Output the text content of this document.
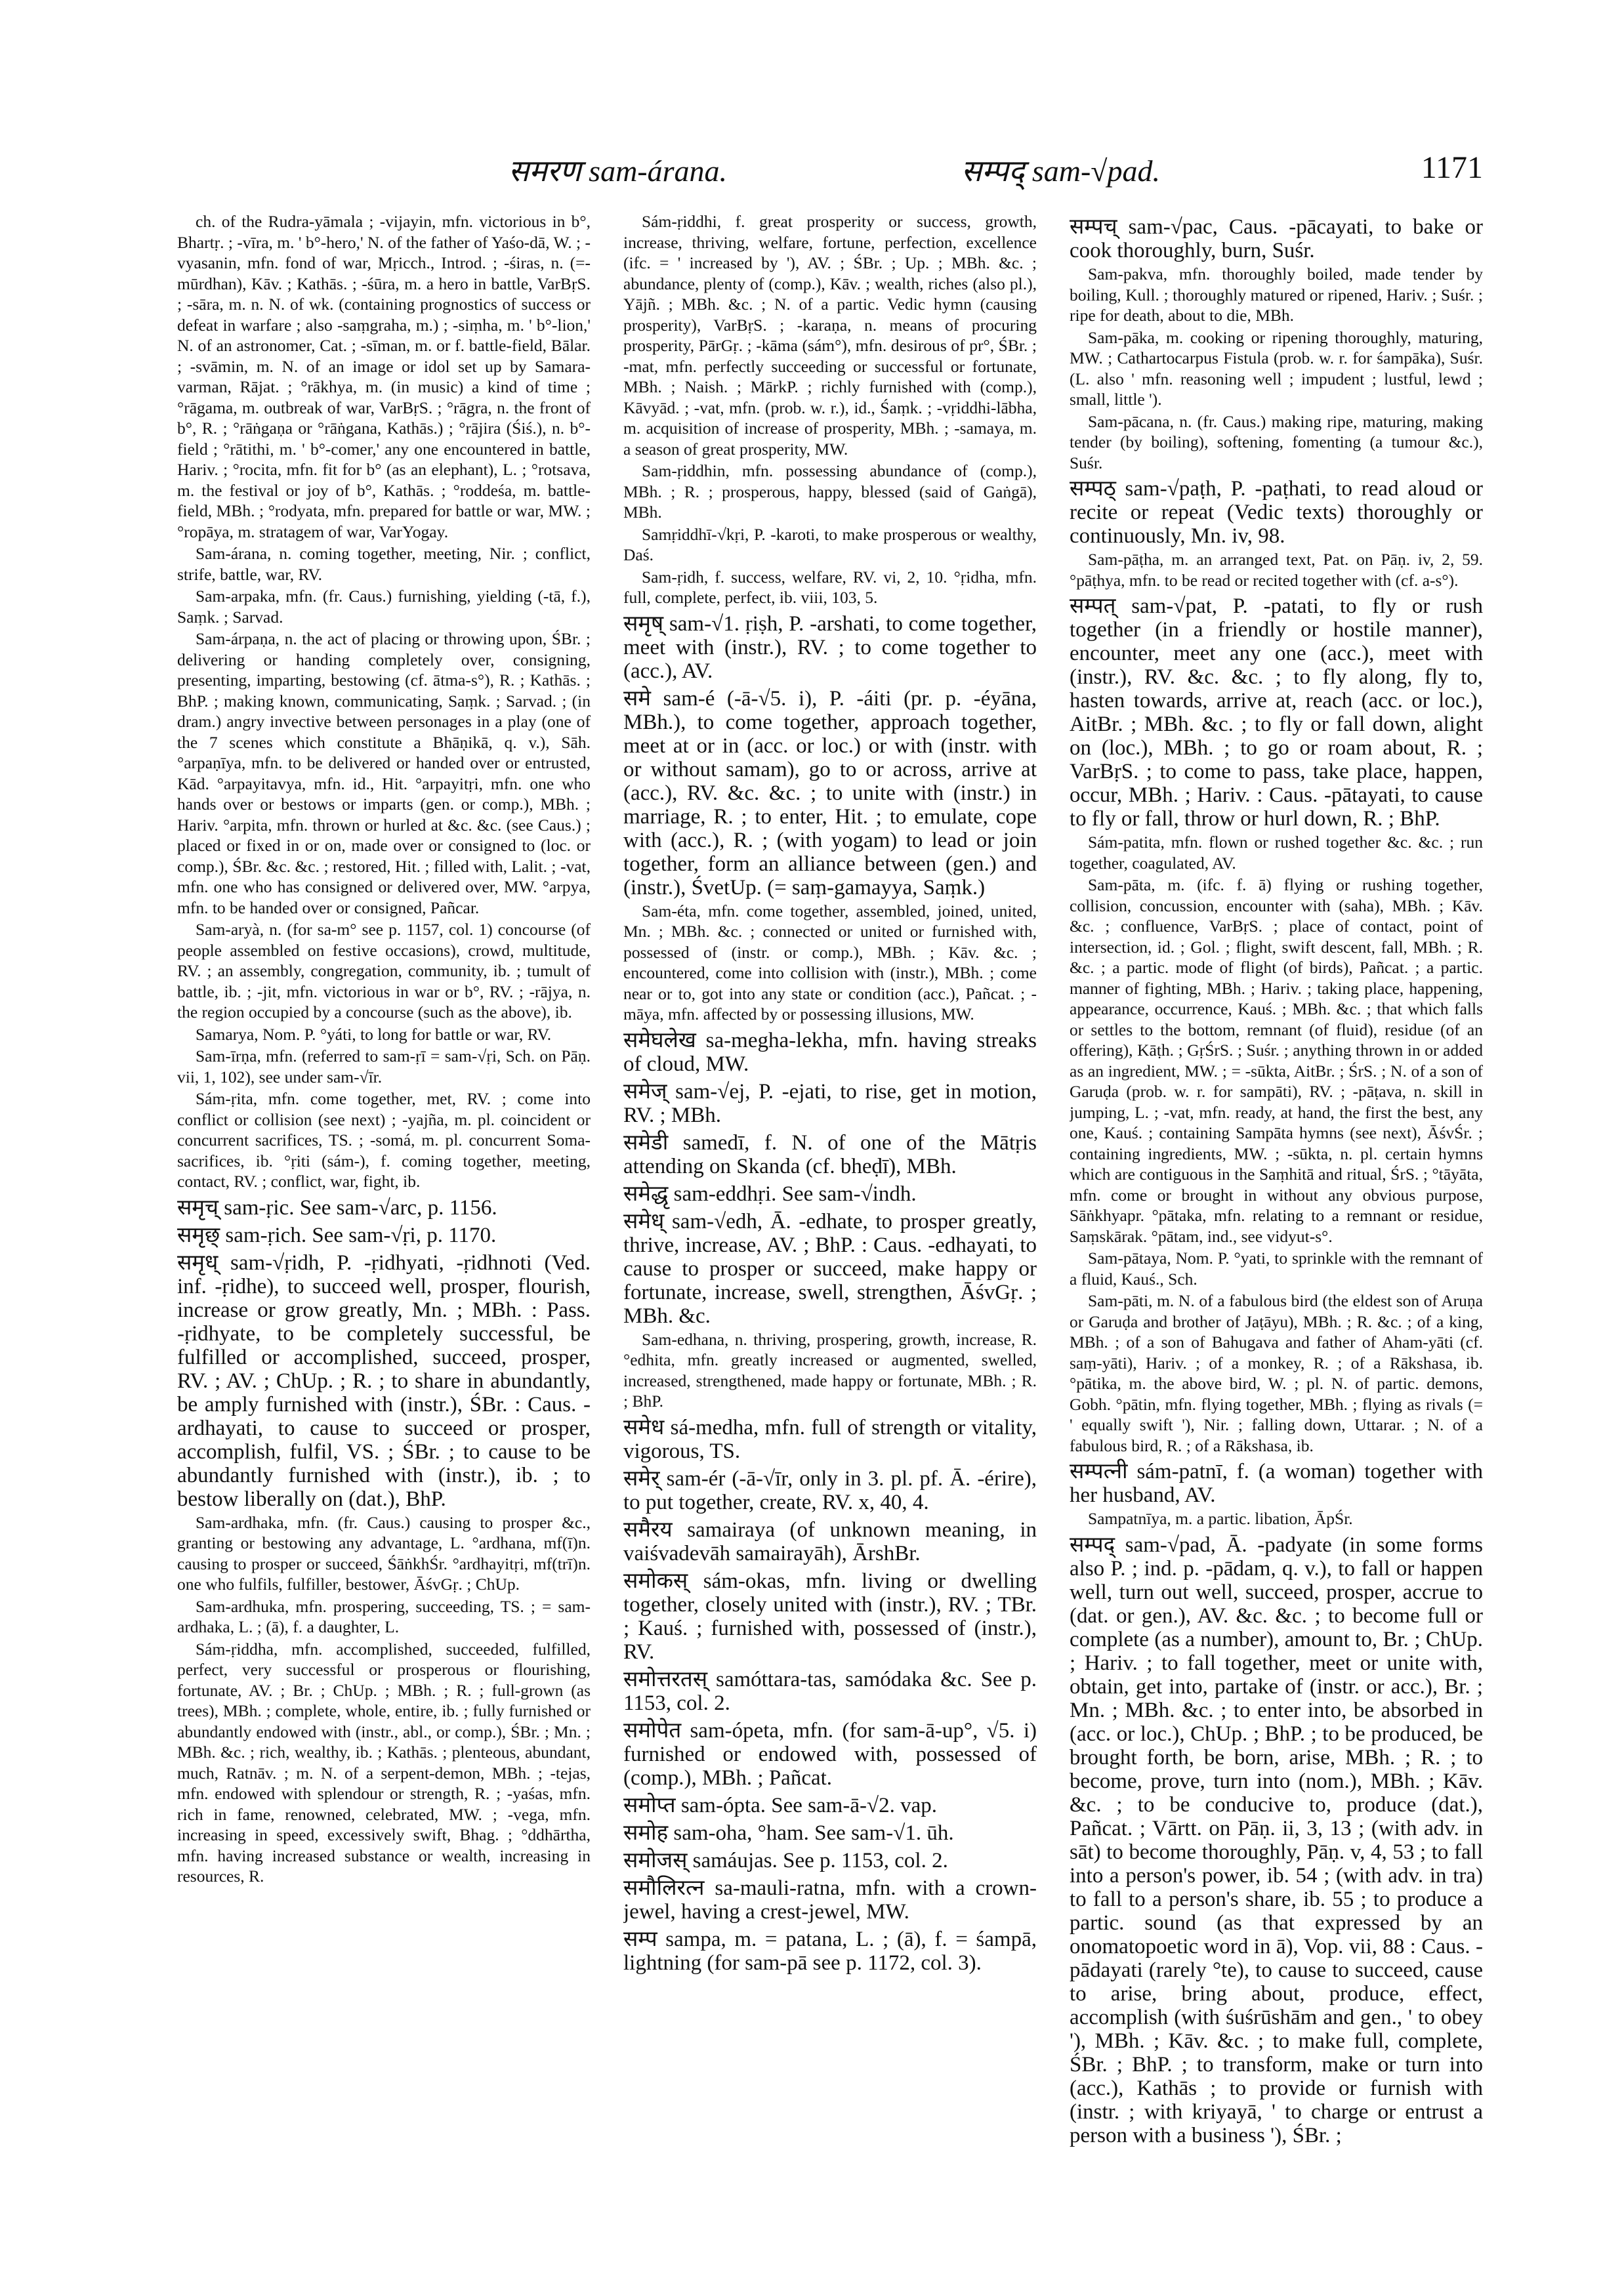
समरण sam-árana.	सम्पद् sam-√pad.	1171

ch. of the Rudra-yāmala ; -vijayin, mfn. victorious in b°, Bhartṛ. ; -vīra, m. ' b°-hero,' N. of the father of Yaśo-dā, W. ; -vyasanin, mfn. fond of war, Mṛicch., Introd. ; -śiras, n. (=-mūrdhan), Kāv. ; Kathās. ; -śūra, m. a hero in battle, VarBṛS. ; -sāra, m. n. N. of wk. (containing prognostics of success or defeat in warfare ; also -saṃgraha, m.) ; -siṃha, m. ' b°-lion,' N. of an astronomer, Cat. ; -sīman, m. or f. battle-field, Bālar. ; -svāmin, m. N. of an image or idol set up by Samara-varman, Rājat. ; °rākhya, m. (in music) a kind of time ; °rāgama, m. outbreak of war, VarBṛS. ; °rāgra, n. the front of b°, R. ; °rāṅgaṇa or °rāṅgana, Kathās.) ; °rājira (Śiś.), n. b°-field ; °rātithi, m. ' b°-comer,' any one encountered in battle, Hariv. ; °rocita, mfn. fit for b° (as an elephant), L. ; °rotsava, m. the festival or joy of b°, Kathās. ; °roddeśa, m. battle-field, MBh. ; °rodyata, mfn. prepared for battle or war, MW. ; °ropāya, m. stratagem of war, VarYogay.

Sam-árana, n. coming together, meeting, Nir. ; conflict, strife, battle, war, RV.

Sam-arpaka, mfn. (fr. Caus.) furnishing, yielding (-tā, f.), Saṃk. ; Sarvad.

Sam-árpaṇa, n. the act of placing or throwing upon, ŚBr. ; delivering or handing completely over, consigning, presenting, imparting, bestowing (cf. ātma-s°), R. ; Kathās. ; BhP. ; making known, communicating, Saṃk. ; Sarvad. ; (in dram.) angry invective between personages in a play (one of the 7 scenes which constitute a Bhāṇikā, q. v.), Sāh. °arpaṇīya, mfn. to be delivered or handed over or entrusted, Kād. °arpayitavya, mfn. id., Hit. °arpayitṛi, mfn. one who hands over or bestows or imparts (gen. or comp.), MBh. ; Hariv. °arpita, mfn. thrown or hurled at &c. &c. (see Caus.) ; placed or fixed in or on, made over or consigned to (loc. or comp.), ŚBr. &c. &c. ; restored, Hit. ; filled with, Lalit. ; -vat, mfn. one who has consigned or delivered over, MW. °arpya, mfn. to be handed over or consigned, Pañcar.

Sam-aryà, n. (for sa-m° see p. 1157, col. 1) concourse (of people assembled on festive occasions), crowd, multitude, RV. ; an assembly, congregation, community, ib. ; tumult of battle, ib. ; -jit, mfn. victorious in war or b°, RV. ; -rājya, n. the region occupied by a concourse (such as the above), ib.

Samarya, Nom. P. °yáti, to long for battle or war, RV.

Sam-īrṇa, mfn. (referred to sam-ṛī = sam-√ṛi, Sch. on Pāṇ. vii, 1, 102), see under sam-√īr.

Sám-ṛita, mfn. come together, met, RV. ; come into conflict or collision (see next) ; -yajña, m. pl. coincident or concurrent sacrifices, TS. ; -somá, m. pl. concurrent Soma-sacrifices, ib. °ṛiti (sám-), f. coming together, meeting, contact, RV. ; conflict, war, fight, ib.

समृच् sam-ṛic. See sam-√arc, p. 1156.

समृछ् sam-ṛich. See sam-√ṛi, p. 1170.

समृध् sam-√ṛidh, P. -ṛidhyati, -ṛidhnoti (Ved. inf. -ṛidhe), to succeed well, prosper, flourish, increase or grow greatly, Mn. ; MBh. : Pass. -ṛidhyate, to be completely successful, be fulfilled or accomplished, succeed, prosper, RV. ; AV. ; ChUp. ; R. ; to share in abundantly, be amply furnished with (instr.), ŚBr. : Caus. -ardhayati, to cause to succeed or prosper, accomplish, fulfil, VS. ; ŚBr. ; to cause to be abundantly furnished with (instr.), ib. ; to bestow liberally on (dat.), BhP.

Sam-ardhaka, mfn. (fr. Caus.) causing to prosper &c., granting or bestowing any advantage, L. °ardhana, mf(ī)n. causing to prosper or succeed, ŚāṅkhŚr. °ardhayitṛi, mf(trī)n. one who fulfils, fulfiller, bestower, ĀśvGṛ. ; ChUp.

Sam-ardhuka, mfn. prospering, succeeding, TS. ; = sam-ardhaka, L. ; (ā), f. a daughter, L.

Sám-ṛiddha, mfn. accomplished, succeeded, fulfilled, perfect, very successful or prosperous or flourishing, fortunate, AV. ; Br. ; ChUp. ; MBh. ; R. ; full-grown (as trees), MBh. ; complete, whole, entire, ib. ; fully furnished or abundantly endowed with (instr., abl., or comp.), ŚBr. ; Mn. ; MBh. &c. ; rich, wealthy, ib. ; Kathās. ; plenteous, abundant, much, Ratnāv. ; m. N. of a serpent-demon, MBh. ; -tejas, mfn. endowed with splendour or strength, R. ; -yaśas, mfn. rich in fame, renowned, celebrated, MW. ; -vega, mfn. increasing in speed, excessively swift, Bhag. ; °ddhārtha, mfn. having increased substance or wealth, increasing in resources, R.

Sám-ṛiddhi, f. great prosperity or success, growth, increase, thriving, welfare, fortune, perfection, excellence (ifc. = ' increased by '), AV. ; ŚBr. ; Up. ; MBh. &c. ; abundance, plenty of (comp.), Kāv. ; wealth, riches (also pl.), Yājñ. ; MBh. &c. ; N. of a partic. Vedic hymn (causing prosperity), VarBṛS. ; -karaṇa, n. means of procuring prosperity, PārGṛ. ; -kāma (sám°), mfn. desirous of pr°, ŚBr. ; -mat, mfn. perfectly succeeding or successful or fortunate, MBh. ; Naish. ; MārkP. ; richly furnished with (comp.), Kāvyād. ; -vat, mfn. (prob. w. r.), id., Śaṃk. ; -vṛiddhi-lābha, m. acquisition of increase of prosperity, MBh. ; -samaya, m. a season of great prosperity, MW.

Sam-ṛiddhin, mfn. possessing abundance of (comp.), MBh. ; R. ; prosperous, happy, blessed (said of Gaṅgā), MBh.

Samṛiddhī-√kṛi, P. -karoti, to make prosperous or wealthy, Daś.

Sam-ṛidh, f. success, welfare, RV. vi, 2, 10. °ṛidha, mfn. full, complete, perfect, ib. viii, 103, 5.

समृष् sam-√1. ṛiṣh, P. -arshati, to come together, meet with (instr.), RV. ; to come together to (acc.), AV.

समे sam-é (-ā-√5. i), P. -áiti (pr. p. -éyāna, MBh.), to come together, approach together, meet at or in (acc. or loc.) or with (instr. with or without samam), go to or across, arrive at (acc.), RV. &c. &c. ; to unite with (instr.) in marriage, R. ; to enter, Hit. ; to emulate, cope with (acc.), R. ; (with yogam) to lead or join together, form an alliance between (gen.) and (instr.), ŚvetUp. (= saṃ-gamayya, Saṃk.)

Sam-éta, mfn. come together, assembled, joined, united, Mn. ; MBh. &c. ; connected or united or furnished with, possessed of (instr. or comp.), MBh. ; Kāv. &c. ; encountered, come into collision with (instr.), MBh. ; come near or to, got into any state or condition (acc.), Pañcat. ; -māya, mfn. affected by or possessing illusions, MW.

समेघलेख sa-megha-lekha, mfn. having streaks of cloud, MW.

समेज् sam-√ej, P. -ejati, to rise, get in motion, RV. ; MBh.

समेडी samedī, f. N. of one of the Mātṛis attending on Skanda (cf. bheḍī), MBh.

समेद्धृ sam-eddhṛi. See sam-√indh.

समेध् sam-√edh, Ā. -edhate, to prosper greatly, thrive, increase, AV. ; BhP. : Caus. -edhayati, to cause to prosper or succeed, make happy or fortunate, increase, swell, strengthen, ĀśvGṛ. ; MBh. &c.

Sam-edhana, n. thriving, prospering, growth, increase, R. °edhita, mfn. greatly increased or augmented, swelled, increased, strengthened, made happy or fortunate, MBh. ; R. ; BhP.

समेध sá-medha, mfn. full of strength or vitality, vigorous, TS.

समेर् sam-ér (-ā-√īr, only in 3. pl. pf. Ā. -érire), to put together, create, RV. x, 40, 4.

समैरय samairaya (of unknown meaning, in vaiśvadevāh samairayāh), ĀrshBr.

समोकस् sám-okas, mfn. living or dwelling together, closely united with (instr.), RV. ; TBr. ; Kauś. ; furnished with, possessed of (instr.), RV.

समोत्तरतस् samóttara-tas, samódaka &c. See p. 1153, col. 2.

समोपेत sam-ópeta, mfn. (for sam-ā-up°, √5. i) furnished or endowed with, possessed of (comp.), MBh. ; Pañcat.

समोप्त sam-ópta. See sam-ā-√2. vap.

समोह sam-oha, °ham. See sam-√1. ūh.

समोजस् samáujas. See p. 1153, col. 2.

समौलिरत्न sa-mauli-ratna, mfn. with a crown-jewel, having a crest-jewel, MW.

सम्प sampa, m. = patana, L. ; (ā), f. = śampā, lightning (for sam-pā see p. 1172, col. 3).

सम्पच् sam-√pac, Caus. -pācayati, to bake or cook thoroughly, burn, Suśr.

Sam-pakva, mfn. thoroughly boiled, made tender by boiling, Kull. ; thoroughly matured or ripened, Hariv. ; Suśr. ; ripe for death, about to die, MBh.

Sam-pāka, m. cooking or ripening thoroughly, maturing, MW. ; Cathartocarpus Fistula (prob. w. r. for śampāka), Suśr. (L. also ' mfn. reasoning well ; impudent ; lustful, lewd ; small, little ').

Sam-pācana, n. (fr. Caus.) making ripe, maturing, making tender (by boiling), softening, fomenting (a tumour &c.), Suśr.

सम्पठ् sam-√paṭh, P. -paṭhati, to read aloud or recite or repeat (Vedic texts) thoroughly or continuously, Mn. iv, 98.

Sam-pāṭha, m. an arranged text, Pat. on Pāṇ. iv, 2, 59. °pāṭhya, mfn. to be read or recited together with (cf. a-s°).

सम्पत् sam-√pat, P. -patati, to fly or rush together (in a friendly or hostile manner), encounter, meet any one (acc.), meet with (instr.), RV. &c. &c. ; to fly along, fly to, hasten towards, arrive at, reach (acc. or loc.), AitBr. ; MBh. &c. ; to fly or fall down, alight on (loc.), MBh. ; to go or roam about, R. ; VarBṛS. ; to come to pass, take place, happen, occur, MBh. ; Hariv. : Caus. -pātayati, to cause to fly or fall, throw or hurl down, R. ; BhP.

Sám-patita, mfn. flown or rushed together &c. &c. ; run together, coagulated, AV.

Sam-pāta, m. (ifc. f. ā) flying or rushing together, collision, concussion, encounter with (saha), MBh. ; Kāv. &c. ; confluence, VarBṛS. ; place of contact, point of intersection, id. ; Gol. ; flight, swift descent, fall, MBh. ; R. &c. ; a partic. mode of flight (of birds), Pañcat. ; a partic. manner of fighting, MBh. ; Hariv. ; taking place, happening, appearance, occurrence, Kauś. ; MBh. &c. ; that which falls or settles to the bottom, remnant (of fluid), residue (of an offering), Kāṭh. ; GṛŚrS. ; Suśr. ; anything thrown in or added as an ingredient, MW. ; = -sūkta, AitBr. ; ŚrS. ; N. of a son of Garuḍa (prob. w. r. for sampāti), RV. ; -pāṭava, n. skill in jumping, L. ; -vat, mfn. ready, at hand, the first the best, any one, Kauś. ; containing Sampāta hymns (see next), ĀśvŚr. ; containing ingredients, MW. ; -sūkta, n. pl. certain hymns which are contiguous in the Saṃhitā and ritual, ŚrS. ; °tāyāta, mfn. come or brought in without any obvious purpose, Sāṅkhyapr. °pātaka, mfn. relating to a remnant or residue, Saṃskārak. °pātam, ind., see vidyut-s°.

Sam-pātaya, Nom. P. °yati, to sprinkle with the remnant of a fluid, Kauś., Sch.

Sam-pāti, m. N. of a fabulous bird (the eldest son of Aruṇa or Garuḍa and brother of Jaṭāyu), MBh. ; R. &c. ; of a king, MBh. ; of a son of Bahugava and father of Aham-yāti (cf. saṃ-yāti), Hariv. ; of a monkey, R. ; of a Rākshasa, ib. °pātika, m. the above bird, W. ; pl. N. of partic. demons, Gobh. °pātin, mfn. flying together, MBh. ; flying as rivals (= ' equally swift '), Nir. ; falling down, Uttarar. ; N. of a fabulous bird, R. ; of a Rākshasa, ib.

सम्पत्नी sám-patnī, f. (a woman) together with her husband, AV.

Sampatnīya, m. a partic. libation, ĀpŚr.

सम्पद् sam-√pad, Ā. -padyate (in some forms also P. ; ind. p. -pādam, q. v.), to fall or happen well, turn out well, succeed, prosper, accrue to (dat. or gen.), AV. &c. &c. ; to become full or complete (as a number), amount to, Br. ; ChUp. ; Hariv. ; to fall together, meet or unite with, obtain, get into, partake of (instr. or acc.), Br. ; Mn. ; MBh. &c. ; to enter into, be absorbed in (acc. or loc.), ChUp. ; BhP. ; to be produced, be brought forth, be born, arise, MBh. ; R. ; to become, prove, turn into (nom.), MBh. ; Kāv. &c. ; to be conducive to, produce (dat.), Pañcat. ; Vārtt. on Pāṇ. ii, 3, 13 ; (with adv. in sāt) to become thoroughly, Pāṇ. v, 4, 53 ; to fall into a person's power, ib. 54 ; (with adv. in tra) to fall to a person's share, ib. 55 ; to produce a partic. sound (as that expressed by an onomatopoetic word in ā), Vop. vii, 88 : Caus. -pādayati (rarely °te), to cause to succeed, cause to arise, bring about, produce, effect, accomplish (with śuśrūshām and gen., ' to obey '), MBh. ; Kāv. &c. ; to make full, complete, ŚBr. ; BhP. ; to transform, make or turn into (acc.), Kathās ; to provide or furnish with (instr. ; with kriyayā, ' to charge or entrust a person with a business '), ŚBr. ;
